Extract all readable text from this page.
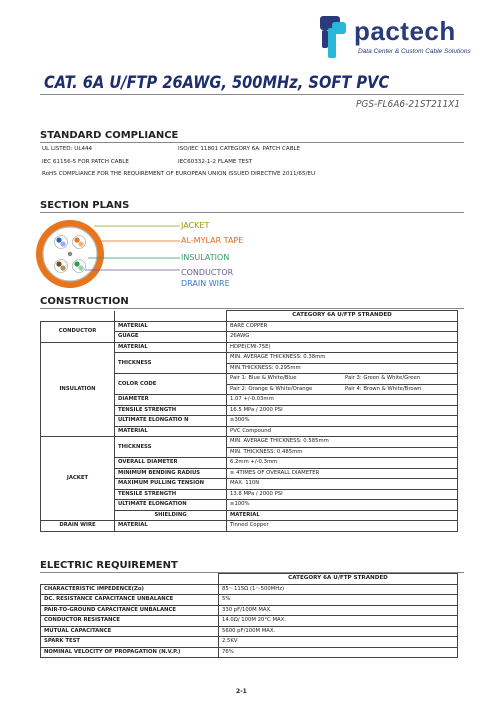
pactech
Data Center & Custom Cable Solutions
CAT. 6A U/FTP 26AWG, 500MHz, SOFT PVC
PGS-FL6A6-21ST211X1
STANDARD COMPLIANCE
UL LISTED: UL444	ISO/IEC 11801 CATEGORY 6A: PATCH CABLE
IEC 61156-5 FOR PATCH CABLE	IEC60332-1-2 FLAME TEST
RoHS COMPLIANCE FOR THE REQUIREMENT OF EUROPEAN UNION ISSUED DIRECTIVE 2011/65/EU
SECTION PLANS
JACKET
AL-MYLAR TAPE
INSULATION
CONDUCTOR
DRAIN WIRE
CONSTRUCTION
		CATEGORY 6A U/FTP STRANDED	
CONDUCTOR	MATERIAL	BARE COPPER	
	GUAGE	26AWG	
INSULATION	MATERIAL	HDPE(CMI-75E)	
	THICKNESS	MIN. AVERAGE THICKNESS: 0.38mm	
		MIN.THICKNESS: 0.295mm	
	COLOR CODE	Pair 1: Blue & White/Blue Pair 3: Green & White/Green	

		Pair 2: Orange & White/Orange Pair 4: Brown & White/Brown	

	DIAMETER	1.07 +/-0.03mm	
	TENSILE STRENGTH	16.5 MPa / 2000 PSI	
	ULTIMATE ELONGATIO N	≥300%	
	MATERIAL	PVC Compound	
JACKET	THICKNESS	MIN. AVERAGE THICKNESS: 0.585mm	
		MIN. THICKNESS: 0.485mm	
	OVERALL DIAMETER	6.2mm +/-0.3mm	
	MINIMUM BENDING RADIUS	≥ 4TIMES OF OVERALL DIAMETER	
	MAXIMUM PULLING TENSION	MAX. 110N	
	TENSILE STRENGTH	13.8 MPa / 2000 PSI	
	ULTIMATE ELONGATION	≥100%	
	SHIELDING	MATERIAL	
DRAIN WIRE	MATERIAL	Tinned Copper	
ELECTRIC REQUIREMENT
	CATEGORY 6A U/FTP STRANDED
CHARACTERISTIC IMPEDENCE(Zo)	85～115Ω (1～500MHz)
DC. RESISTANCE CAPACITANCE UNBALANCE	5%
PAIR-TO-GROUND CAPACITANCE UNBALANCE	330 pF/100M MAX.
CONDUCTOR RESISTANCE	14.0Ω/ 100M 20°C MAX.
MUTUAL CAPACITANCE	5600 pF/100M MAX.
SPARK TEST	2.5KV
NOMINAL VELOCITY OF PROPAGATION (N.V.P.)	76%
2-1
